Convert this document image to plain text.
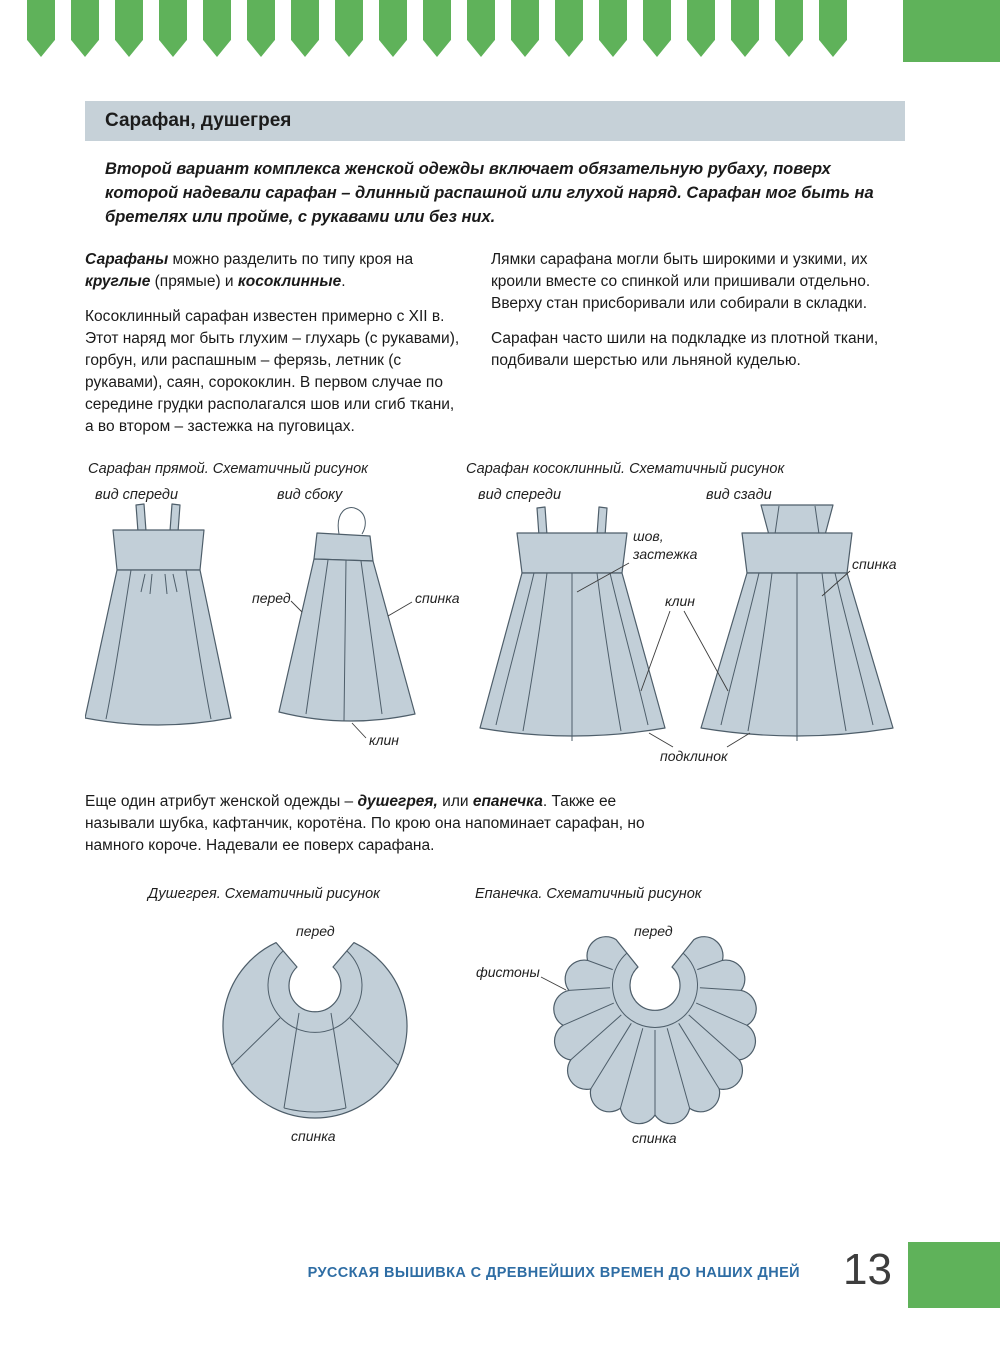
Сарафан, душегрея

Второй вариант комплекса женской одежды включает обязательную рубаху, поверх которой надевали сарафан – длинный распашной или глухой наряд. Сарафан мог быть на бретелях или пройме, с рукавами или без них.

Сарафаны можно разделить по типу кроя на круглые (прямые) и косоклинные.

Косоклинный сарафан известен примерно с XII в. Этот наряд мог быть глухим – глухарь (с рукавами), горбун, или распашным – ферязь, летник (с рукавами), саян, сорококлин. В первом случае по середине грудки располагался шов или сгиб ткани, а во втором – застежка на пуговицах.

Лямки сарафана могли быть широкими и узкими, их кроили вместе со спинкой или пришивали отдельно. Вверху стан присборивали или собирали в складки.

Сарафан часто шили на подкладке из плотной ткани, подбивали шерстью или льняной куделью.

Сарафан прямой. Схематичный рисунок
вид спереди	вид сбоку
Сарафан косоклинный. Схематичный рисунок
вид спереди	вид сзади
перед	спинка
клин
шов,
застежка
клин
спинка
подклинок

Еще один атрибут женской одежды – душегрея, или епанечка. Также ее называли шубка, кафтанчик, коротёна. По крою она напоминает сарафан, но намного короче. Надевали ее поверх сарафана.

Душегрея. Схематичный рисунок	Епанечка. Схематичный рисунок
перед	перед
фистоны
спинка	спинка
РУССКАЯ ВЫШИВКА С ДРЕВНЕЙШИХ ВРЕМЕН ДО НАШИХ ДНЕЙ 13
